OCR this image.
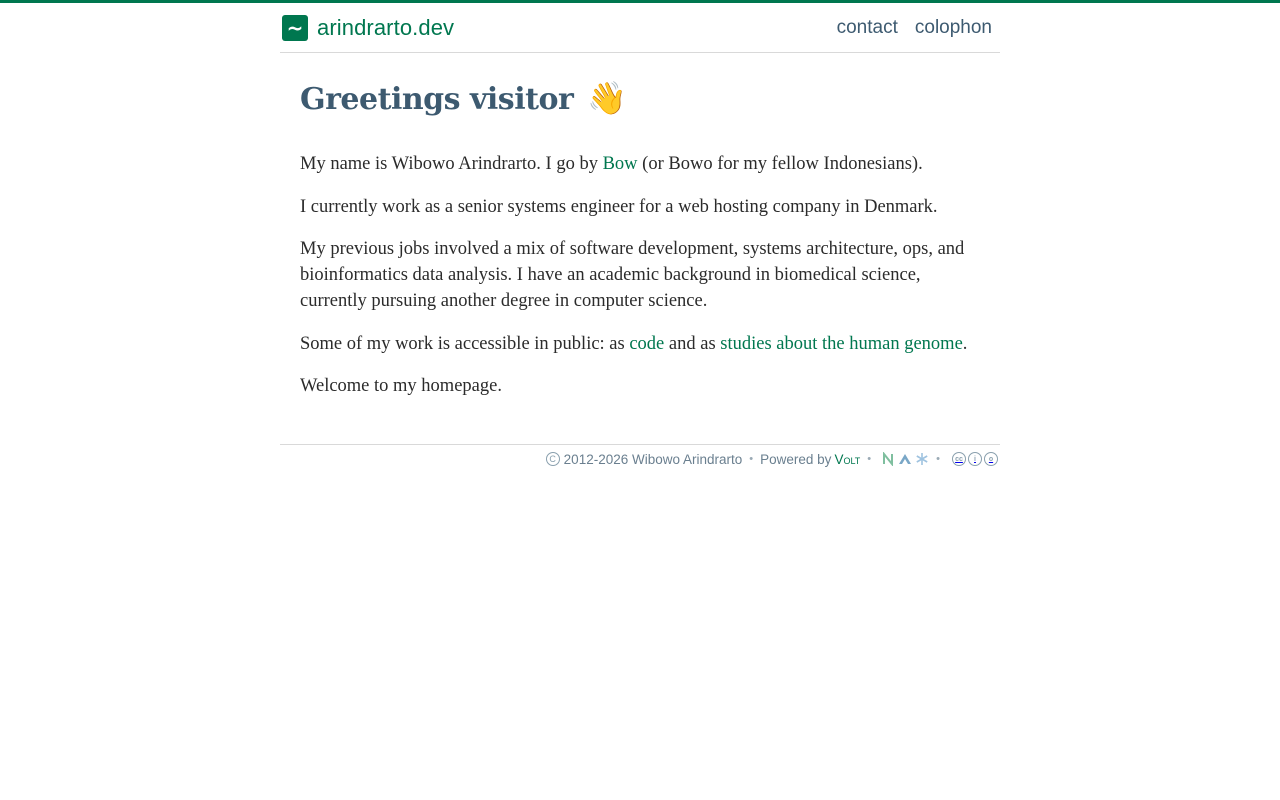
~ arindrarto.dev	contact colophon
Greetings visitor 👋

My name is Wibowo Arindrarto. I go by Bow (or Bowo for my fellow Indonesians).

I currently work as a senior systems engineer for a web hosting company in Denmark.

My previous jobs involved a mix of software development, systems architecture, ops, and bioinformatics data analysis. I have an academic background in biomedical science, currently pursuing another degree in computer science.

Some of my work is accessible in public: as code and as studies about the human genome.

Welcome to my homepage.

C 2012-2026 Wibowo Arindrarto • Powered by Volt •	•	cc	i	o
